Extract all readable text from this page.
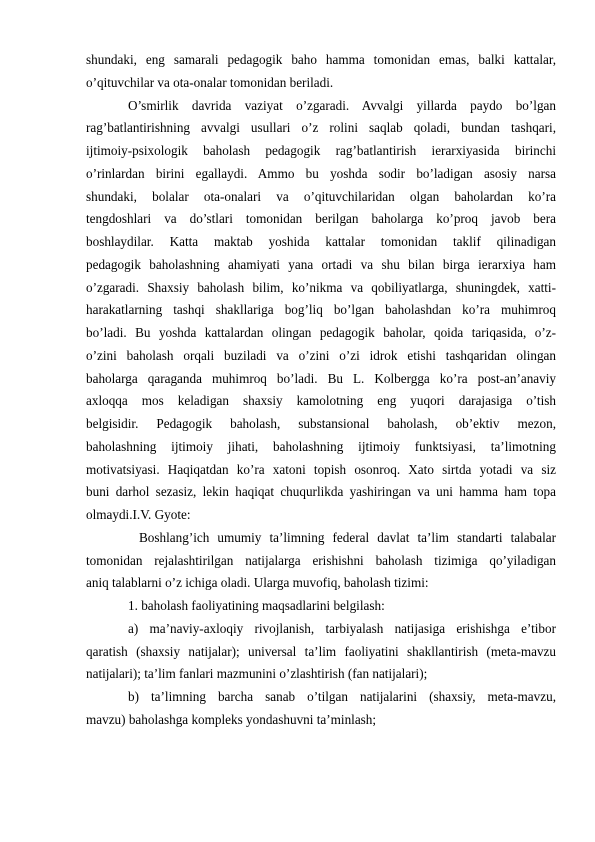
shundaki, eng samarali pedagogik baho hamma tomonidan emas, balki kattalar,
o’qituvchilar va ota-onalar tomonidan beriladi.
O’smirlik davrida vaziyat o’zgaradi. Avvalgi yillarda paydo bo’lgan
rag’batlantirishning avvalgi usullari o’z rolini saqlab qoladi, bundan tashqari,
ijtimoiy-psixologik baholash pedagogik rag’batlantirish ierarxiyasida birinchi
o’rinlardan birini egallaydi. Ammo bu yoshda sodir bo’ladigan asosiy narsa
shundaki, bolalar ota-onalari va o’qituvchilaridan olgan baholardan ko’ra
tengdoshlari va do’stlari tomonidan berilgan baholarga ko’proq javob bera
boshlaydilar. Katta maktab yoshida kattalar tomonidan taklif qilinadigan
pedagogik baholashning ahamiyati yana ortadi va shu bilan birga ierarxiya ham
o’zgaradi. Shaxsiy baholash bilim, ko’nikma va qobiliyatlarga, shuningdek, xatti-
harakatlarning tashqi shakllariga bog’liq bo’lgan baholashdan ko’ra muhimroq
bo’ladi. Bu yoshda kattalardan olingan pedagogik baholar, qoida tariqasida, o’z-
o’zini baholash orqali buziladi va o’zini o’zi idrok etishi tashqaridan olingan
baholarga qaraganda muhimroq bo’ladi. Bu L. Kolbergga ko’ra post-an’anaviy
axloqqa mos keladigan shaxsiy kamolotning eng yuqori darajasiga o’tish
belgisidir. Pedagogik baholash, substansional baholash, ob’ektiv mezon,
baholashning ijtimoiy jihati, baholashning ijtimoiy funktsiyasi, ta’limotning
motivatsiyasi. Haqiqatdan ko’ra xatoni topish osonroq. Xato sirtda yotadi va siz
buni darhol sezasiz, lekin haqiqat chuqurlikda yashiringan va uni hamma ham topa
olmaydi.I.V. Gyote:
Boshlang’ich umumiy ta’limning federal davlat ta’lim standarti talabalar
tomonidan rejalashtirilgan natijalarga erishishni baholash tizimiga qo’yiladigan
aniq talablarni o’z ichiga oladi. Ularga muvofiq, baholash tizimi:
1. baholash faoliyatining maqsadlarini belgilash:
a) ma’naviy-axloqiy rivojlanish, tarbiyalash natijasiga erishishga e’tibor
qaratish (shaxsiy natijalar); universal ta’lim faoliyatini shakllantirish (meta-mavzu
natijalari); ta’lim fanlari mazmunini o’zlashtirish (fan natijalari);
b) ta’limning barcha sanab o’tilgan natijalarini (shaxsiy, meta-mavzu,
mavzu) baholashga kompleks yondashuvni ta’minlash;
